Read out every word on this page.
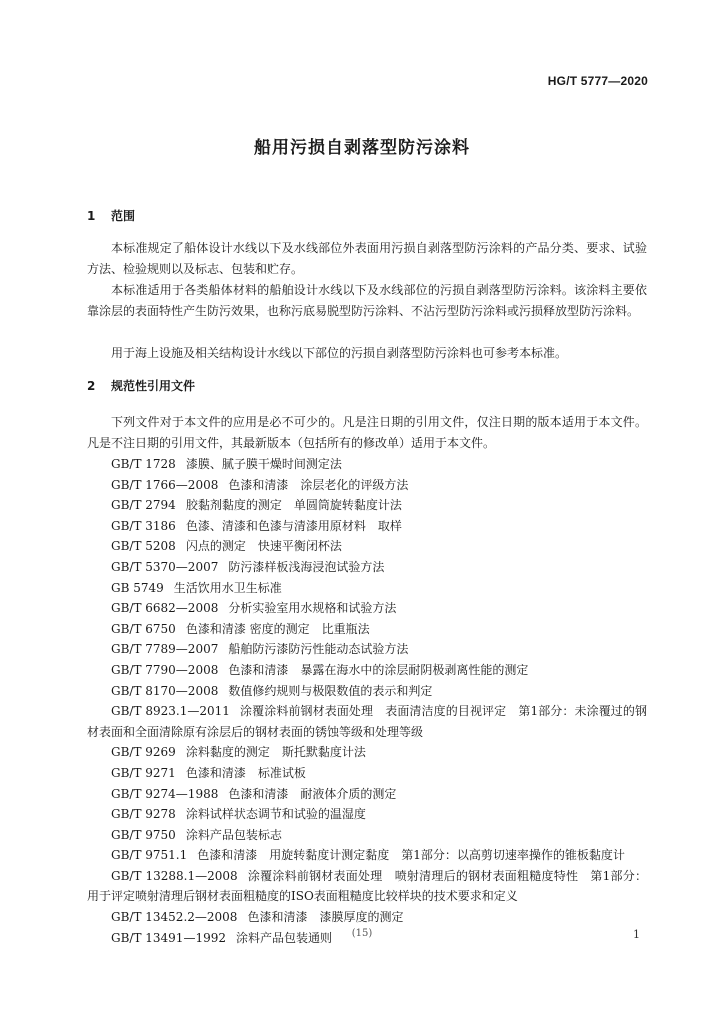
HG/T 5777—2020
船用污损自剥落型防污涂料
1 范围
本标准规定了船体设计水线以下及水线部位外表面用污损自剥落型防污涂料的产品分类、要求、试验方法、检验规则以及标志、包装和贮存。
本标准适用于各类船体材料的船舶设计水线以下及水线部位的污损自剥落型防污涂料。该涂料主要依靠涂层的表面特性产生防污效果，也称污底易脱型防污涂料、不沾污型防污涂料或污损释放型防污涂料。
用于海上设施及相关结构设计水线以下部位的污损自剥落型防污涂料也可参考本标准。
2 规范性引用文件
下列文件对于本文件的应用是必不可少的。凡是注日期的引用文件，仅注日期的版本适用于本文件。凡是不注日期的引用文件，其最新版本（包括所有的修改单）适用于本文件。
GB/T 1728 漆膜、腻子膜干燥时间测定法
GB/T 1766—2008 色漆和清漆　涂层老化的评级方法
GB/T 2794 胶黏剂黏度的测定　单圆筒旋转黏度计法
GB/T 3186 色漆、清漆和色漆与清漆用原材料　取样
GB/T 5208 闪点的测定　快速平衡闭杯法
GB/T 5370—2007 防污漆样板浅海浸泡试验方法
GB 5749 生活饮用水卫生标准
GB/T 6682—2008 分析实验室用水规格和试验方法
GB/T 6750 色漆和清漆 密度的测定　比重瓶法
GB/T 7789—2007 船舶防污漆防污性能动态试验方法
GB/T 7790—2008 色漆和清漆　暴露在海水中的涂层耐阴极剥离性能的测定
GB/T 8170—2008 数值修约规则与极限数值的表示和判定
GB/T 8923.1—2011 涂覆涂料前钢材表面处理　表面清洁度的目视评定　第1部分：未涂覆过的钢材表面和全面清除原有涂层后的钢材表面的锈蚀等级和处理等级
GB/T 9269 涂料黏度的测定　斯托默黏度计法
GB/T 9271 色漆和清漆　标准试板
GB/T 9274—1988 色漆和清漆　耐液体介质的测定
GB/T 9278 涂料试样状态调节和试验的温湿度
GB/T 9750 涂料产品包装标志
GB/T 9751.1 色漆和清漆　用旋转黏度计测定黏度　第1部分：以高剪切速率操作的锥板黏度计
GB/T 13288.1—2008 涂覆涂料前钢材表面处理　喷射清理后的钢材表面粗糙度特性　第1部分：用于评定喷射清理后钢材表面粗糙度的ISO表面粗糙度比较样块的技术要求和定义
GB/T 13452.2—2008 色漆和清漆　漆膜厚度的测定
GB/T 13491—1992 涂料产品包装通则	(15)	1
